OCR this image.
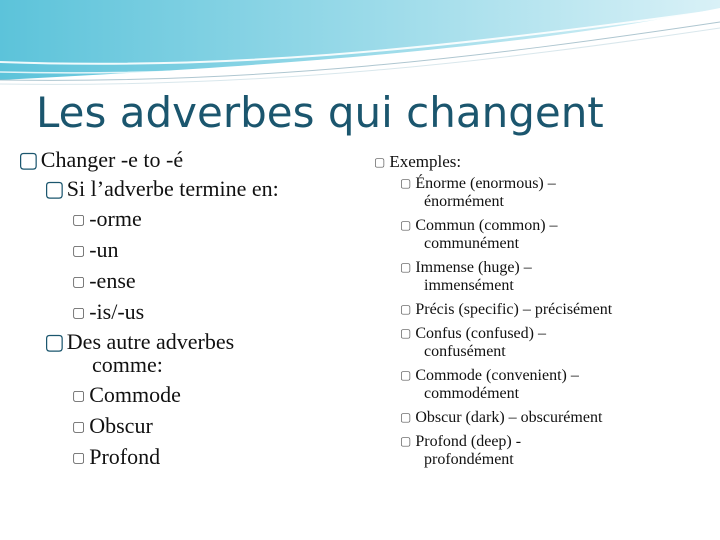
Les adverbes qui changent
▢Changer -e to -é
▢Si l’adverbe termine en:
▢ -orme
▢ -un
▢ -ense
▢ -is/-us
▢Des autre adverbes
comme:
▢ Commode
▢ Obscur
▢ Profond
▢ Exemples:
▢ Énorme (enormous) –
énormément
▢ Commun (common) –
communément
▢ Immense (huge) –
immensément
▢ Précis (specific) – précisément
▢ Confus (confused) –
confusément
▢ Commode (convenient) –
commodément
▢ Obscur (dark) – obscurément
▢ Profond (deep) -
profondément
